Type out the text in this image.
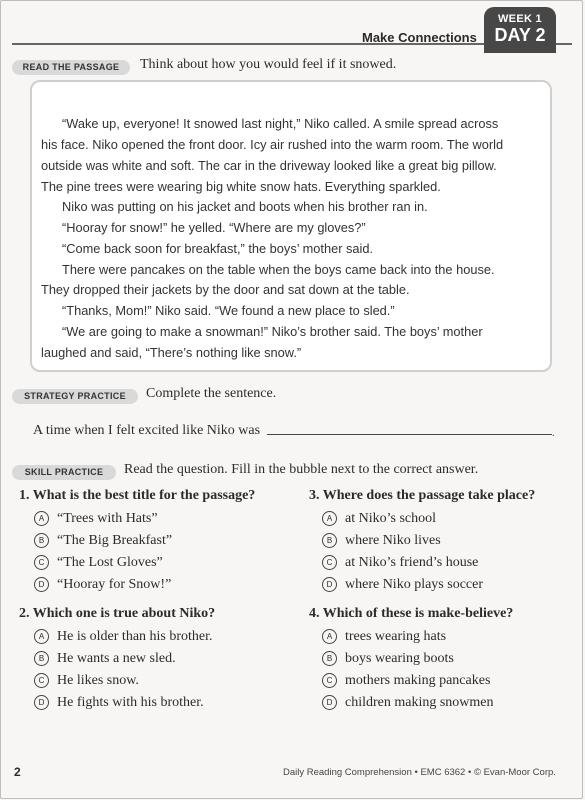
Make Connections
WEEK 1
DAY 2
READ THE PASSAGE	Think about how you would feel if it snowed.
“Wake up, everyone! It snowed last night,” Niko called. A smile spread across
his face. Niko opened the front door. Icy air rushed into the warm room. The world
outside was white and soft. The car in the driveway looked like a great big pillow.
The pine trees were wearing big white snow hats. Everything sparkled.
Niko was putting on his jacket and boots when his brother ran in.
“Hooray for snow!” he yelled. “Where are my gloves?”
“Come back soon for breakfast,” the boys’ mother said.
There were pancakes on the table when the boys came back into the house.
They dropped their jackets by the door and sat down at the table.
“Thanks, Mom!” Niko said. “We found a new place to sled.”
“We are going to make a snowman!” Niko’s brother said. The boys’ mother
laughed and said, “There’s nothing like snow.”
STRATEGY PRACTICE	Complete the sentence.
A time when I felt excited like Niko was	.
SKILL PRACTICE	Read the question. Fill in the bubble next to the correct answer.
1. What is the best title for the passage?
A “Trees with Hats”
B “The Big Breakfast”
C “The Lost Gloves”
D “Hooray for Snow!”
2. Which one is true about Niko?
A He is older than his brother.
B He wants a new sled.
C He likes snow.
D He fights with his brother.
3. Where does the passage take place?
A at Niko’s school
B where Niko lives
C at Niko’s friend’s house
D where Niko plays soccer
4. Which of these is make-believe?
A trees wearing hats
B boys wearing boots
C mothers making pancakes
D children making snowmen
2	Daily Reading Comprehension • EMC 6362 • © Evan-Moor Corp.
